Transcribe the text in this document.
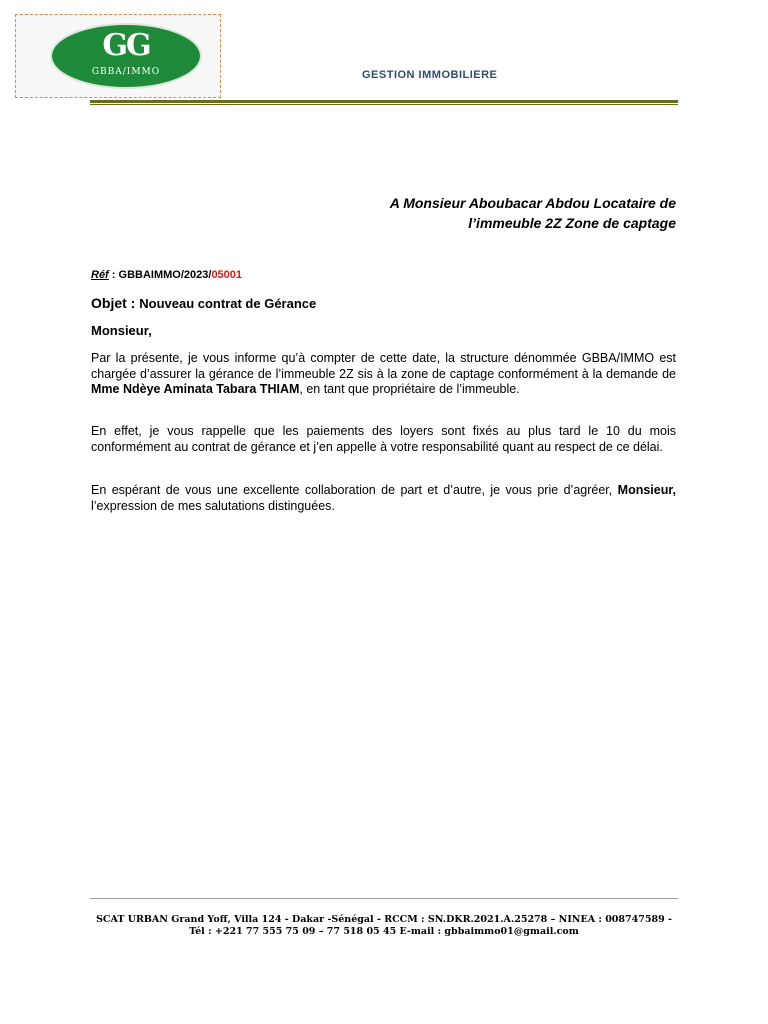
GG
GBBA/IMMO	GESTION IMMOBILIERE
A Monsieur Aboubacar Abdou Locataire de
l’immeuble 2Z Zone de captage
Réf : GBBAIMMO/2023/05001
Objet : Nouveau contrat de Gérance
Monsieur,
Par la présente, je vous informe qu’à compter de cette date, la structure dénommée GBBA/IMMO est chargée d’assurer la gérance de l’immeuble 2Z sis à la zone de captage conformément à la demande de Mme Ndèye Aminata Tabara THIAM, en tant que propriétaire de l’immeuble.
En effet, je vous rappelle que les paiements des loyers sont fixés au plus tard le 10 du mois conformément au contrat de gérance et j’en appelle à votre responsabilité quant au respect de ce délai.
En espérant de vous une excellente collaboration de part et d’autre, je vous prie d’agréer, Monsieur, l’expression de mes salutations distinguées.
SCAT URBAN Grand Yoff, Villa 124 - Dakar -Sénégal - RCCM : SN.DKR.2021.A.25278 – NINEA : 008747589 -
Tél : +221 77 555 75 09 – 77 518 05 45 E-mail : gbbaimmo01@gmail.com
